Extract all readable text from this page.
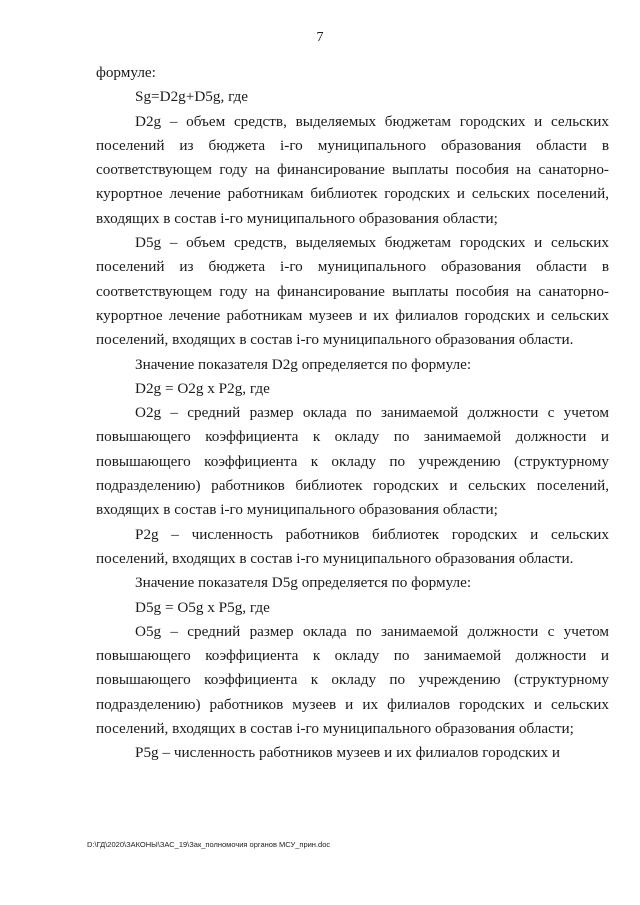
7

формуле:

Sg=D2g+D5g, где

D2g – объем средств, выделяемых бюджетам городских и сельских поселений из бюджета i-го муниципального образования области в соответствующем году на финансирование выплаты пособия на санаторно-курортное лечение работникам библиотек городских и сельских поселений, входящих в состав i-го муниципального образования области;

D5g – объем средств, выделяемых бюджетам городских и сельских поселений из бюджета i-го муниципального образования области в соответствующем году на финансирование выплаты пособия на санаторно-курортное лечение работникам музеев и их филиалов городских и сельских поселений, входящих в состав i-го муниципального образования области.

Значение показателя D2g определяется по формуле:

D2g = O2g x P2g, где

O2g – средний размер оклада по занимаемой должности с учетом повышающего коэффициента к окладу по занимаемой должности и повышающего коэффициента к окладу по учреждению (структурному подразделению) работников библиотек городских и сельских поселений, входящих в состав i-го муниципального образования области;

P2g – численность работников библиотек городских и сельских поселений, входящих в состав i-го муниципального образования области.

Значение показателя D5g определяется по формуле:

D5g = O5g x P5g, где

O5g – средний размер оклада по занимаемой должности с учетом повышающего коэффициента к окладу по занимаемой должности и повышающего коэффициента к окладу по учреждению (структурному подразделению) работников музеев и их филиалов городских и сельских поселений, входящих в состав i-го муниципального образования области;

P5g – численность работников музеев и их филиалов городских и

D:\ГД\2020\ЗАКОНЫ\ЗАС_19\Зак_полномочия органов МСУ_прин.doc
